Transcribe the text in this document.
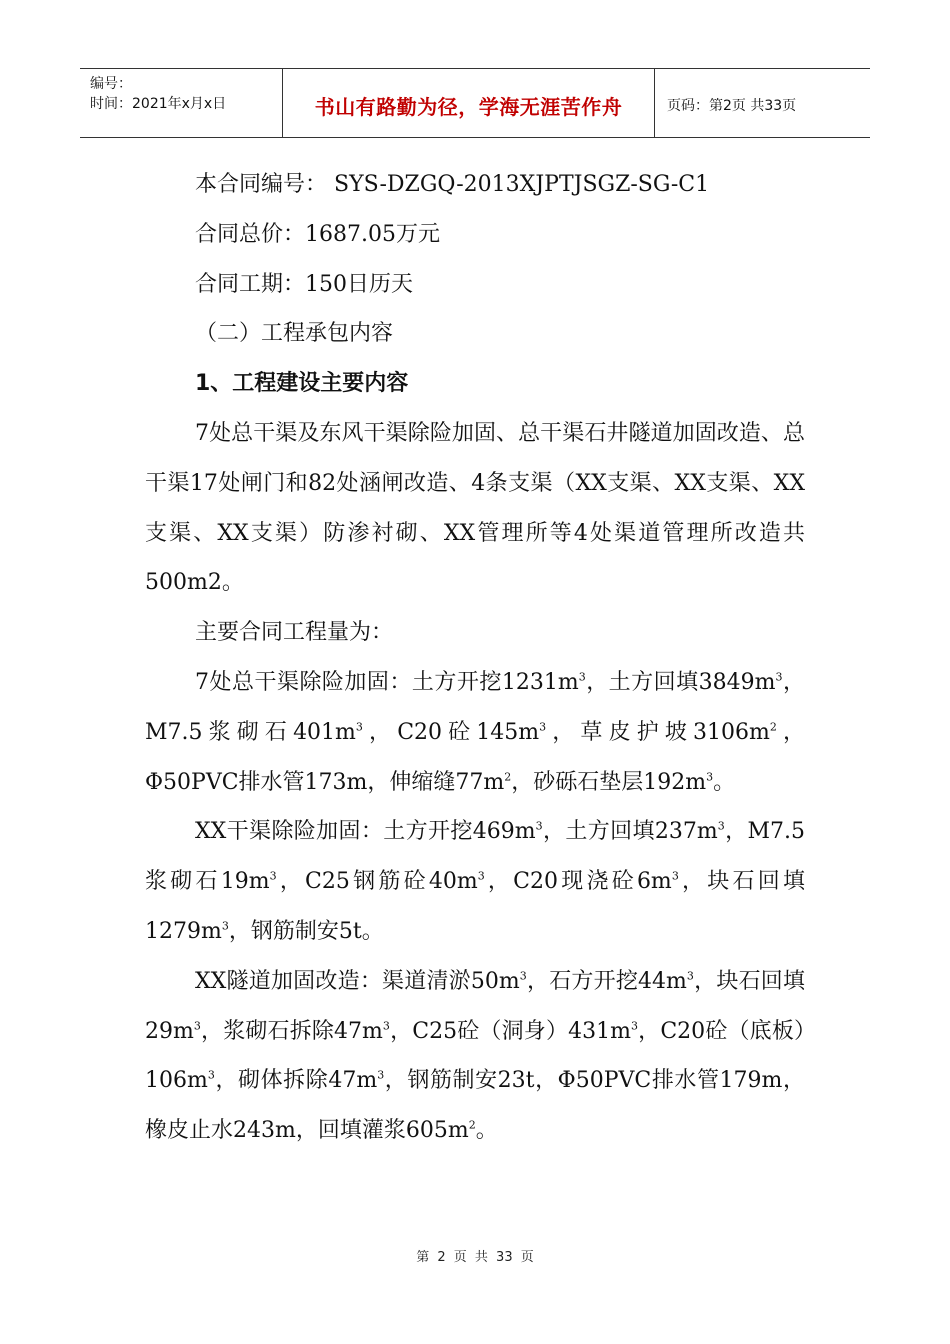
编号：
时间：2021年x月x日	书山有路勤为径，学海无涯苦作舟	页码：第2页 共33页

本合同编号： SYS-DZGQ-2013XJPTJSGZ-SG-C1

合同总价：1687.05万元

合同工期：150日历天

（二）工程承包内容

1、工程建设主要内容

7处总干渠及东风干渠除险加固、总干渠石井隧道加固改造、总干渠17处闸门和82处涵闸改造、4条支渠（XX支渠、XX支渠、XX支渠、XX支渠）防渗衬砌、XX管理所等4处渠道管理所改造共500m2。

主要合同工程量为：

7处总干渠除险加固：土方开挖$1231m^3$，土方回填$3849m^3$，M7.5浆砌石$401m^3$，C20砼$145m^3$，草皮护坡$3106m^2$，Φ50PVC排水管173m，伸缩缝$77m^2$，砂砾石垫层$192m^3$。

XX干渠除险加固：土方开挖$469m^3$，土方回填$237m^3$，M7.5浆砌石$19m^3$，C25钢筋砼$40m^3$，C20现浇砼$6m^3$，块石回填$1279m^3$，钢筋制安5t。

XX隧道加固改造：渠道清淤$50m^3$，石方开挖$44m^3$，块石回填$29m^3$，浆砌石拆除$47m^3$，C25砼（洞身）$431m^3$，C20砼（底板）$106m^3$，砌体拆除$47m^3$，钢筋制安23t，Φ50PVC排水管179m，橡皮止水243m，回填灌浆$605m^2$。

第 2 页 共 33 页
